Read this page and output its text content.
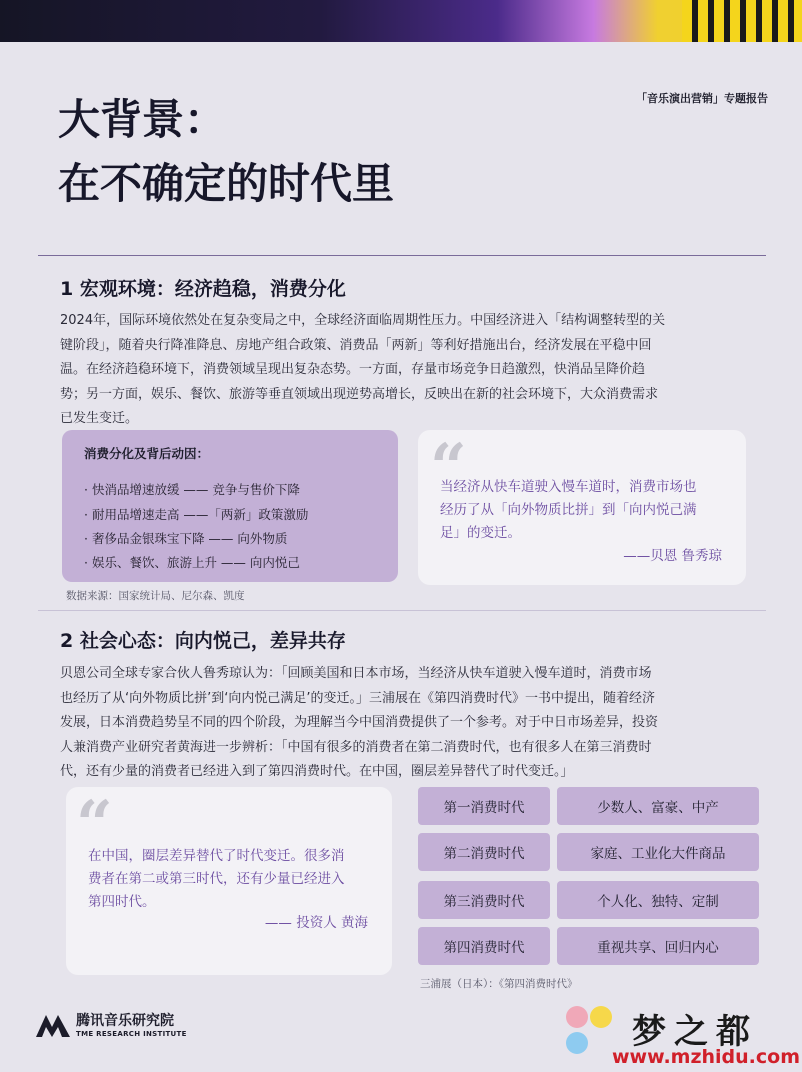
「音乐演出营销」专题报告
大背景：
在不确定的时代里
1 宏观环境：经济趋稳，消费分化
2024年，国际环境依然处在复杂变局之中，全球经济面临周期性压力。中国经济进入「结构调整转型的关
键阶段」，随着央行降准降息、房地产组合政策、消费品「两新」等利好措施出台，经济发展在平稳中回
温。在经济趋稳环境下，消费领域呈现出复杂态势。一方面，存量市场竞争日趋激烈，快消品呈降价趋
势；另一方面，娱乐、餐饮、旅游等垂直领域出现逆势高增长，反映出在新的社会环境下，大众消费需求
已发生变迁。
消费分化及背后动因：
· 快消品增速放缓 —— 竞争与售价下降
· 耐用品增速走高 ——「两新」政策激励
· 奢侈品金银珠宝下降 —— 向外物质
· 娱乐、餐饮、旅游上升 —— 向内悦己
“
当经济从快车道驶入慢车道时，消费市场也
经历了从「向外物质比拼」到「向内悦己满
足」的变迁。
——贝恩 鲁秀琼
数据来源：国家统计局、尼尔森、凯度
2 社会心态：向内悦己，差异共存
贝恩公司全球专家合伙人鲁秀琼认为：「回顾美国和日本市场，当经济从快车道驶入慢车道时，消费市场
也经历了从‘向外物质比拼’到‘向内悦己满足’的变迁。」三浦展在《第四消费时代》一书中提出，随着经济
发展，日本消费趋势呈不同的四个阶段，为理解当今中国消费提供了一个参考。对于中日市场差异，投资
人兼消费产业研究者黄海进一步辨析：「中国有很多的消费者在第二消费时代，也有很多人在第三消费时
代，还有少量的消费者已经进入到了第四消费时代。在中国，圈层差异替代了时代变迁。」
“
在中国，圈层差异替代了时代变迁。很多消
费者在第二或第三时代，还有少量已经进入
第四时代。
—— 投资人 黄海
第一消费时代	少数人、富豪、中产
第二消费时代	家庭、工业化大件商品
第三消费时代	个人化、独特、定制
第四消费时代	重视共享、回归内心
三浦展（日本）：《第四消费时代》
腾讯音乐研究院
TME RESEARCH INSTITUTE	梦之都
www.mzhidu.com
